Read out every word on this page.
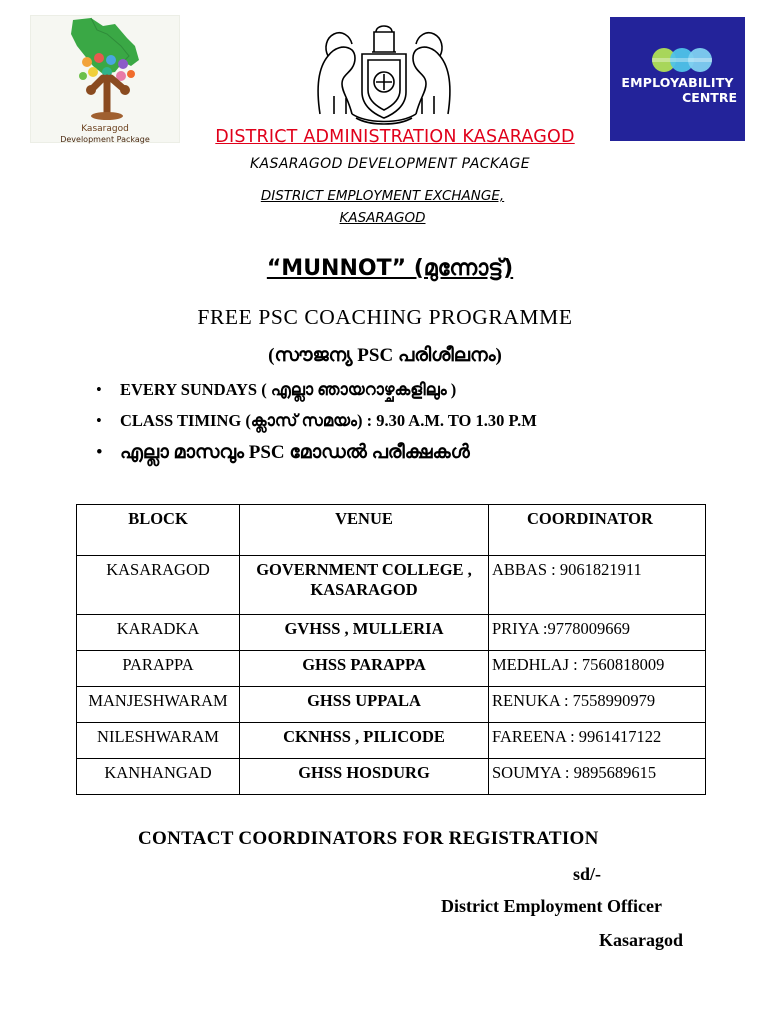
Kasaragod
Development Package
EMPLOYABILITY
CENTRE
DISTRICT ADMINISTRATION KASARAGOD
KASARAGOD DEVELOPMENT PACKAGE
DISTRICT EMPLOYMENT EXCHANGE,
KASARAGOD
“MUNNOT” (മുന്നോട്ട്)
FREE PSC COACHING PROGRAMME
(സൗജന്യ PSC പരിശീലനം)
• EVERY SUNDAYS ( എല്ലാ ഞായറാഴ്ചകളിലും )
• CLASS TIMING (ക്ലാസ് സമയം) : 9.30 A.M. TO 1.30 P.M
• എല്ലാ മാസവും PSC മോഡൽ പരീക്ഷകൾ
BLOCK	VENUE	COORDINATOR
KASARAGOD	GOVERNMENT COLLEGE , KASARAGOD	ABBAS : 9061821911
KARADKA	GVHSS , MULLERIA	PRIYA :9778009669
PARAPPA	GHSS PARAPPA	MEDHLAJ : 7560818009
MANJESHWARAM	GHSS UPPALA	RENUKA : 7558990979
NILESHWARAM	CKNHSS , PILICODE	FAREENA : 9961417122
KANHANGAD	GHSS HOSDURG	SOUMYA : 9895689615
CONTACT COORDINATORS FOR REGISTRATION
sd/-
District Employment Officer
Kasaragod
